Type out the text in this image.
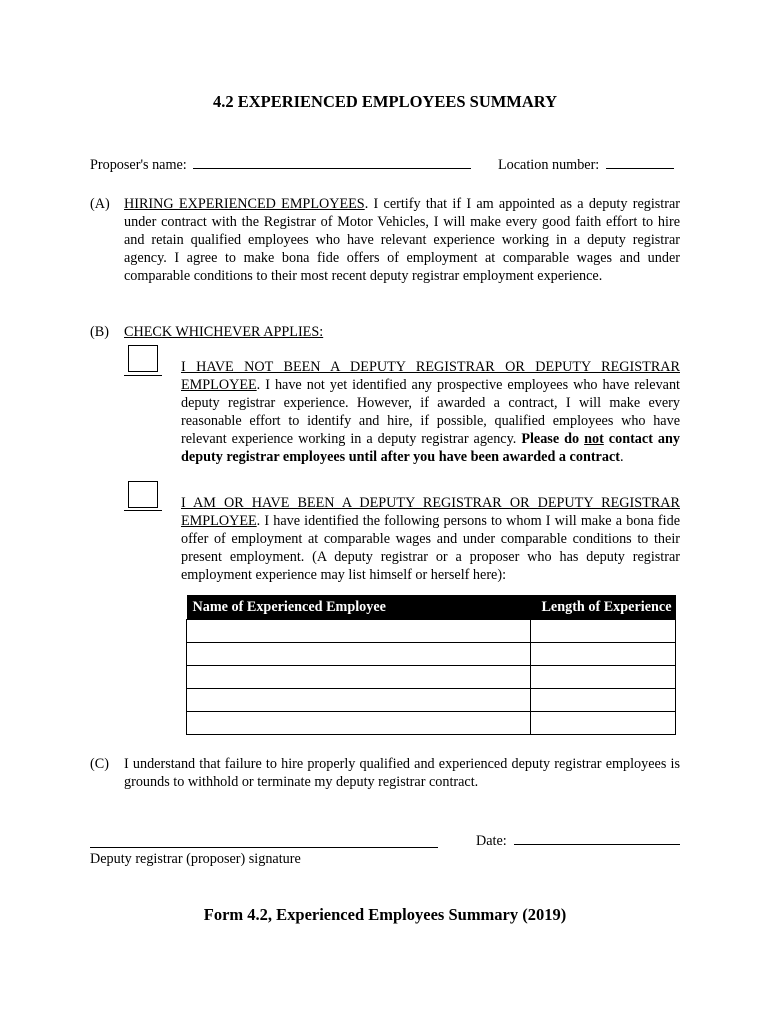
4.2 EXPERIENCED EMPLOYEES SUMMARY
Proposer's name:	Location number:
(A) HIRING EXPERIENCED EMPLOYEES. I certify that if I am appointed as a deputy registrar under contract with the Registrar of Motor Vehicles, I will make every good faith effort to hire and retain qualified employees who have relevant experience working in a deputy registrar agency. I agree to make bona fide offers of employment at comparable wages and under comparable conditions to their most recent deputy registrar employment experience.
(B) CHECK WHICHEVER APPLIES:
I HAVE NOT BEEN A DEPUTY REGISTRAR OR DEPUTY REGISTRAR EMPLOYEE. I have not yet identified any prospective employees who have relevant deputy registrar experience. However, if awarded a contract, I will make every reasonable effort to identify and hire, if possible, qualified employees who have relevant experience working in a deputy registrar agency. Please do not contact any deputy registrar employees until after you have been awarded a contract.
I AM OR HAVE BEEN A DEPUTY REGISTRAR OR DEPUTY REGISTRAR EMPLOYEE. I have identified the following persons to whom I will make a bona fide offer of employment at comparable wages and under comparable conditions to their present employment. (A deputy registrar or a proposer who has deputy registrar employment experience may list himself or herself here):
Name of Experienced Employee	Length of Experience

(C) I understand that failure to hire properly qualified and experienced deputy registrar employees is grounds to withhold or terminate my deputy registrar contract.
Deputy registrar (proposer) signature
Date:
Form 4.2, Experienced Employees Summary (2019)
